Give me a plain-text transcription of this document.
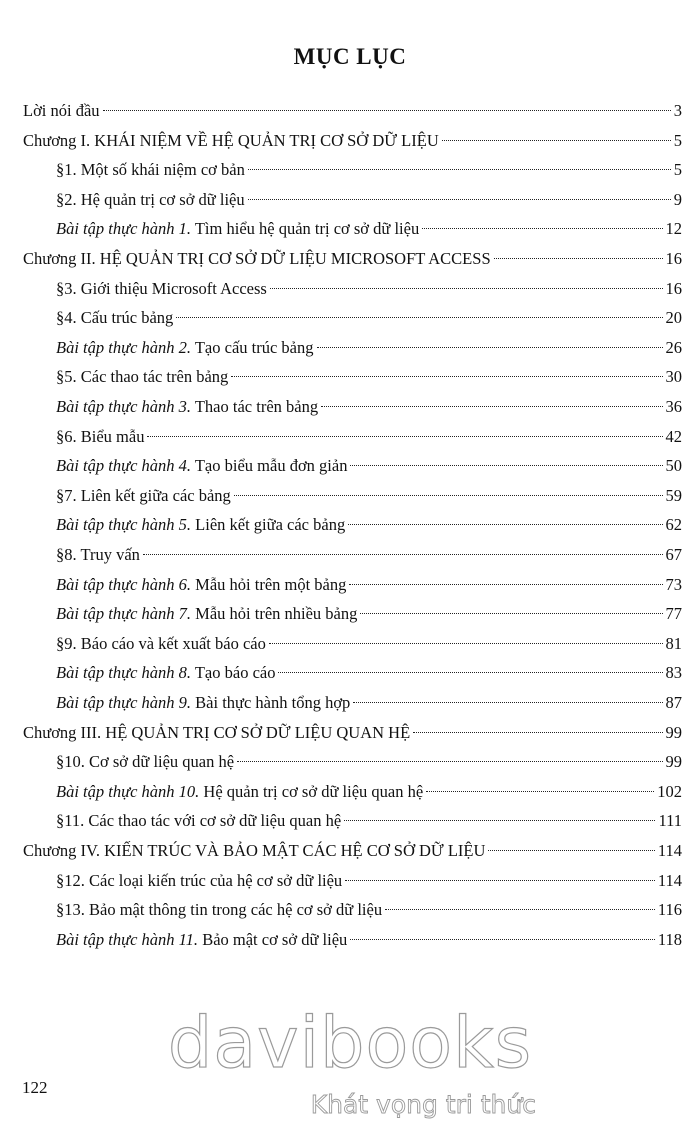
MỤC LỤC
Lời nói đầu	3
Chương I. KHÁI NIỆM VỀ HỆ QUẢN TRỊ CƠ SỞ DỮ LIỆU	5
§1. Một số khái niệm cơ bản	5
§2. Hệ quản trị cơ sở dữ liệu	9
Bài tập thực hành 1. Tìm hiểu hệ quản trị cơ sở dữ liệu	12
Chương II. HỆ QUẢN TRỊ CƠ SỞ DỮ LIỆU MICROSOFT ACCESS	16
§3. Giới thiệu Microsoft Access	16
§4. Cấu trúc bảng	20
Bài tập thực hành 2. Tạo cấu trúc bảng	26
§5. Các thao tác trên bảng	30
Bài tập thực hành 3. Thao tác trên bảng	36
§6. Biểu mẫu	42
Bài tập thực hành 4. Tạo biểu mẫu đơn giản	50
§7. Liên kết giữa các bảng	59
Bài tập thực hành 5. Liên kết giữa các bảng	62
§8. Truy vấn	67
Bài tập thực hành 6. Mẫu hỏi trên một bảng	73
Bài tập thực hành 7. Mẫu hỏi trên nhiều bảng	77
§9. Báo cáo và kết xuất báo cáo	81
Bài tập thực hành 8. Tạo báo cáo	83
Bài tập thực hành 9. Bài thực hành tổng hợp	87
Chương III. HỆ QUẢN TRỊ CƠ SỞ DỮ LIỆU QUAN HỆ	99
§10. Cơ sở dữ liệu quan hệ	99
Bài tập thực hành 10. Hệ quản trị cơ sở dữ liệu quan hệ	102
§11. Các thao tác với cơ sở dữ liệu quan hệ	111
Chương IV. KIẾN TRÚC VÀ BẢO MẬT CÁC HỆ CƠ SỞ DỮ LIỆU	114
§12. Các loại kiến trúc của hệ cơ sở dữ liệu	114
§13. Bảo mật thông tin trong các hệ cơ sở dữ liệu	116
Bài tập thực hành 11. Bảo mật cơ sở dữ liệu	118
davibooks
Khát vọng tri thức
122
